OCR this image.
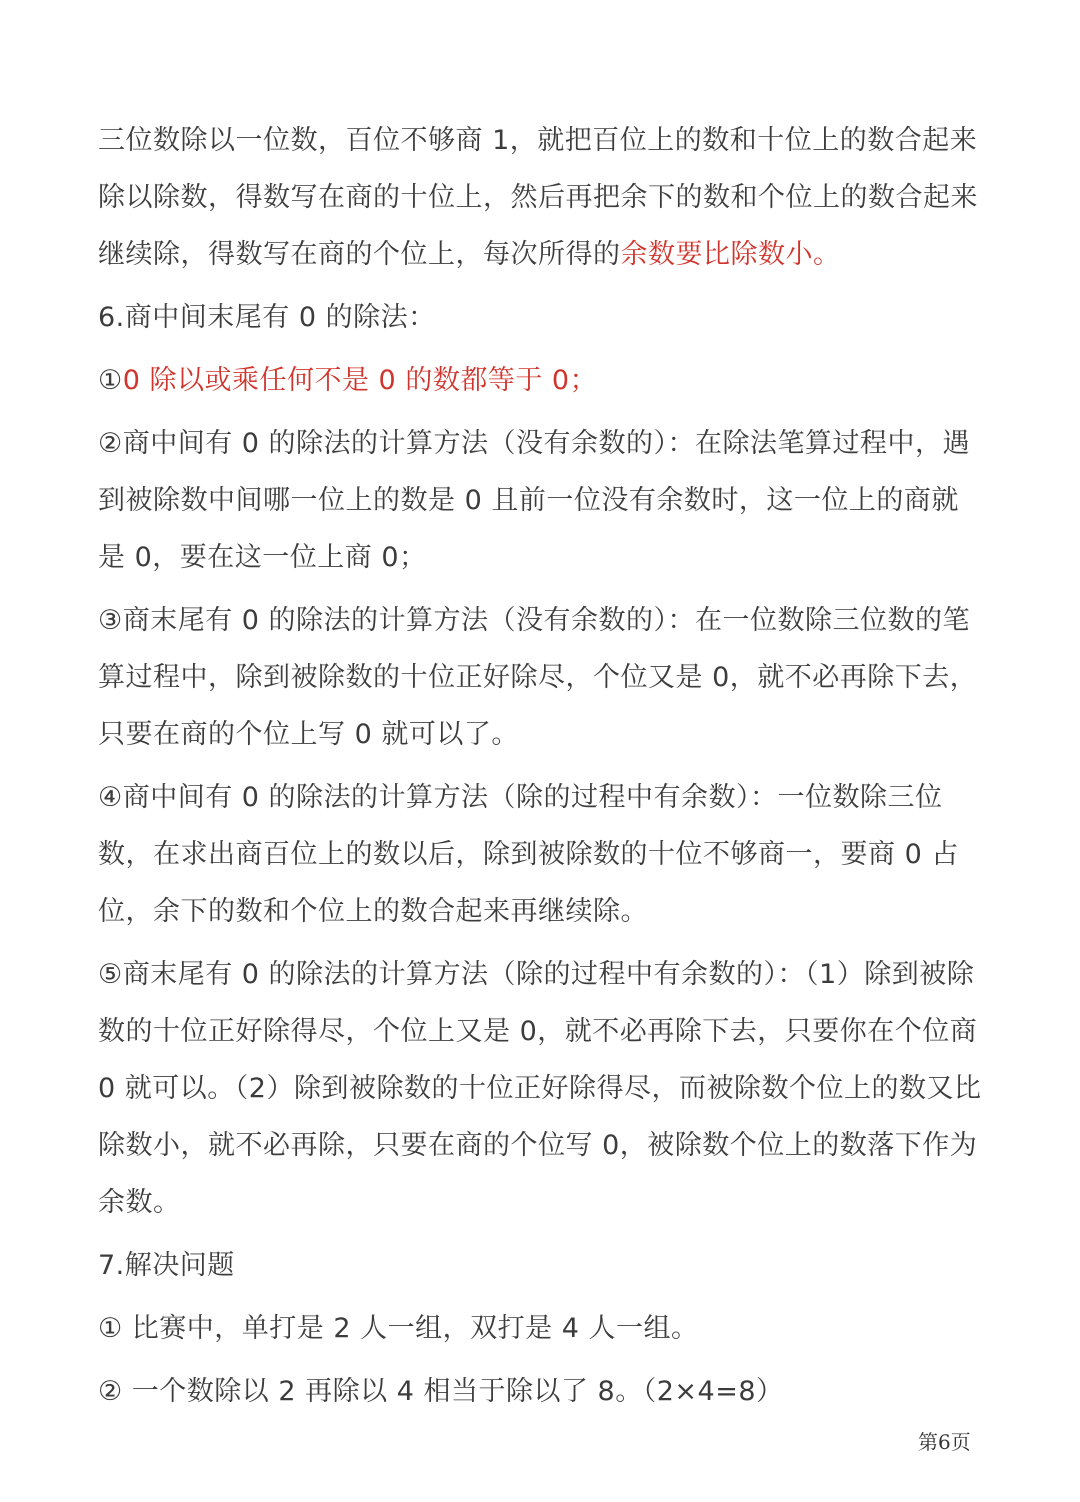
三位数除以一位数，百位不够商 1，就把百位上的数和十位上的数合起来除以除数，得数写在商的十位上，然后再把余下的数和个位上的数合起来继续除，得数写在商的个位上，每次所得的余数要比除数小。

6.商中间末尾有 0 的除法：

①0 除以或乘任何不是 0 的数都等于 0；

②商中间有 0 的除法的计算方法（没有余数的）：在除法笔算过程中，遇到被除数中间哪一位上的数是 0 且前一位没有余数时，这一位上的商就是 0，要在这一位上商 0；

③商末尾有 0 的除法的计算方法（没有余数的）：在一位数除三位数的笔算过程中，除到被除数的十位正好除尽，个位又是 0，就不必再除下去，只要在商的个位上写 0 就可以了。

④商中间有 0 的除法的计算方法（除的过程中有余数）：一位数除三位数，在求出商百位上的数以后，除到被除数的十位不够商一，要商 0 占位，余下的数和个位上的数合起来再继续除。

⑤商末尾有 0 的除法的计算方法（除的过程中有余数的）：（1）除到被除数的十位正好除得尽，个位上又是 0，就不必再除下去，只要你在个位商 0 就可以。（2）除到被除数的十位正好除得尽，而被除数个位上的数又比除数小，就不必再除，只要在商的个位写 0，被除数个位上的数落下作为余数。

7.解决问题

① 比赛中，单打是 2 人一组，双打是 4 人一组。

② 一个数除以 2 再除以 4 相当于除以了 8。（2×4=8）

第6页
